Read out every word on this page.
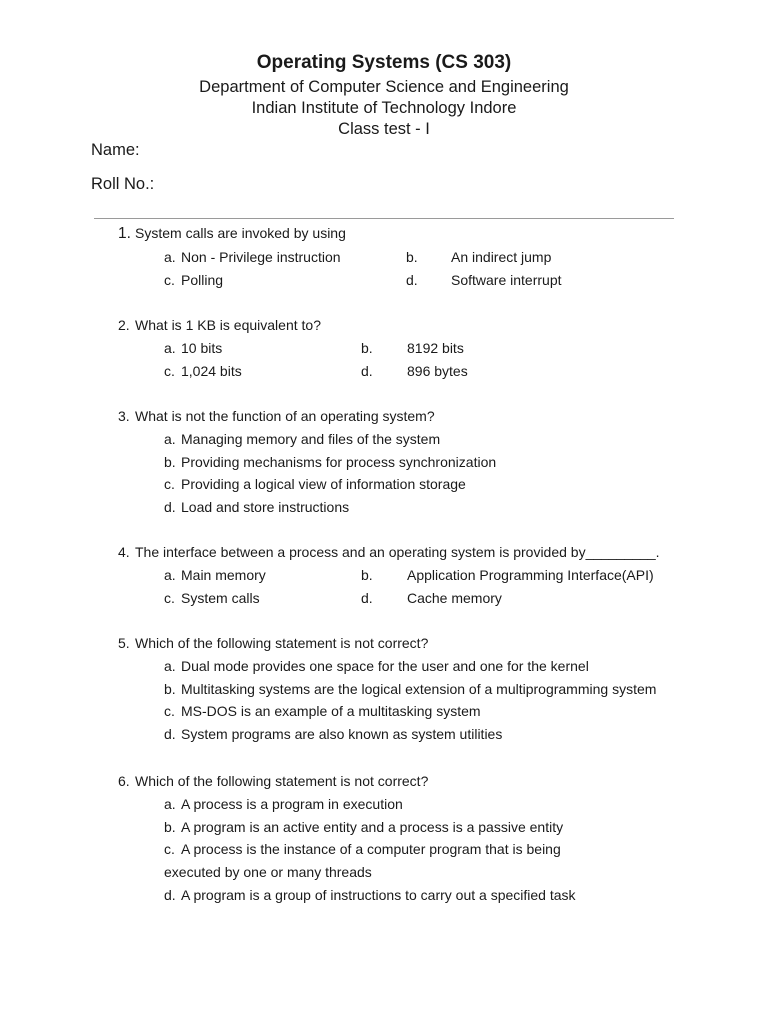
Operating Systems (CS 303)
Department of Computer Science and Engineering
Indian Institute of Technology Indore
Class test - I
Name:
Roll No.:
1. System calls are invoked by using
a. Non - Privilege instruction	b. An indirect jump
c. Polling	d. Software interrupt
2. What is 1 KB is equivalent to?
a. 10 bits	b. 8192 bits
c. 1,024 bits	d. 896 bytes
3. What is not the function of an operating system?
a. Managing memory and files of the system
b. Providing mechanisms for process synchronization
c. Providing a logical view of information storage
d. Load and store instructions
4. The interface between a process and an operating system is provided by_________.
a. Main memory	b. Application Programming Interface(API)
c. System calls	d. Cache memory
5. Which of the following statement is not correct?
a. Dual mode provides one space for the user and one for the kernel
b. Multitasking systems are the logical extension of a multiprogramming system
c. MS-DOS is an example of a multitasking system
d. System programs are also known as system utilities
6. Which of the following statement is not correct?
a. A process is a program in execution
b. A program is an active entity and a process is a passive entity
c. A process is the instance of a computer program that is being
executed by one or many threads
d. A program is a group of instructions to carry out a specified task
